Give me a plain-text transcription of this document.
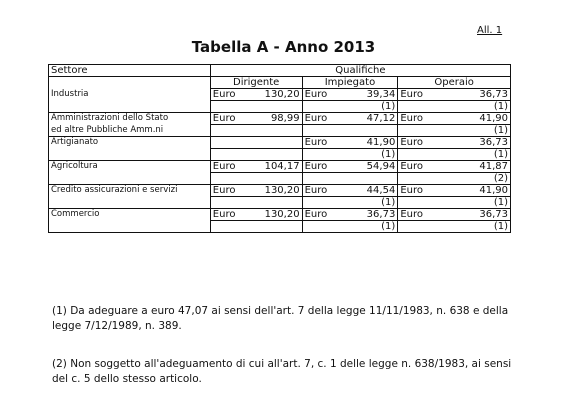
All. 1
Tabella A - Anno 2013
Settore	Qualifiche					
	Dirigente		Impiegato		Operaio	
Industria	Euro	130,20	Euro	39,34	Euro	36,73
				(1)		(1)
Amministrazioni dello Stato	Euro	98,99	Euro	47,12	Euro	41,90
ed altre Pubbliche Amm.ni						(1)
Artigianato			Euro	41,90	Euro	36,73
				(1)		(1)
Agricoltura	Euro	104,17	Euro	54,94	Euro	41,87
						(2)
Credito assicurazioni e servizi	Euro	130,20	Euro	44,54	Euro	41,90
				(1)		(1)
Commercio	Euro	130,20	Euro	36,73	Euro	36,73
				(1)		(1)
(1) Da adeguare a euro 47,07 ai sensi dell'art. 7 della legge 11/11/1983, n. 638 e della legge 7/12/1989, n. 389.
(2) Non soggetto all'adeguamento di cui all'art. 7, c. 1 delle legge n. 638/1983, ai sensi del c. 5 dello stesso articolo.
